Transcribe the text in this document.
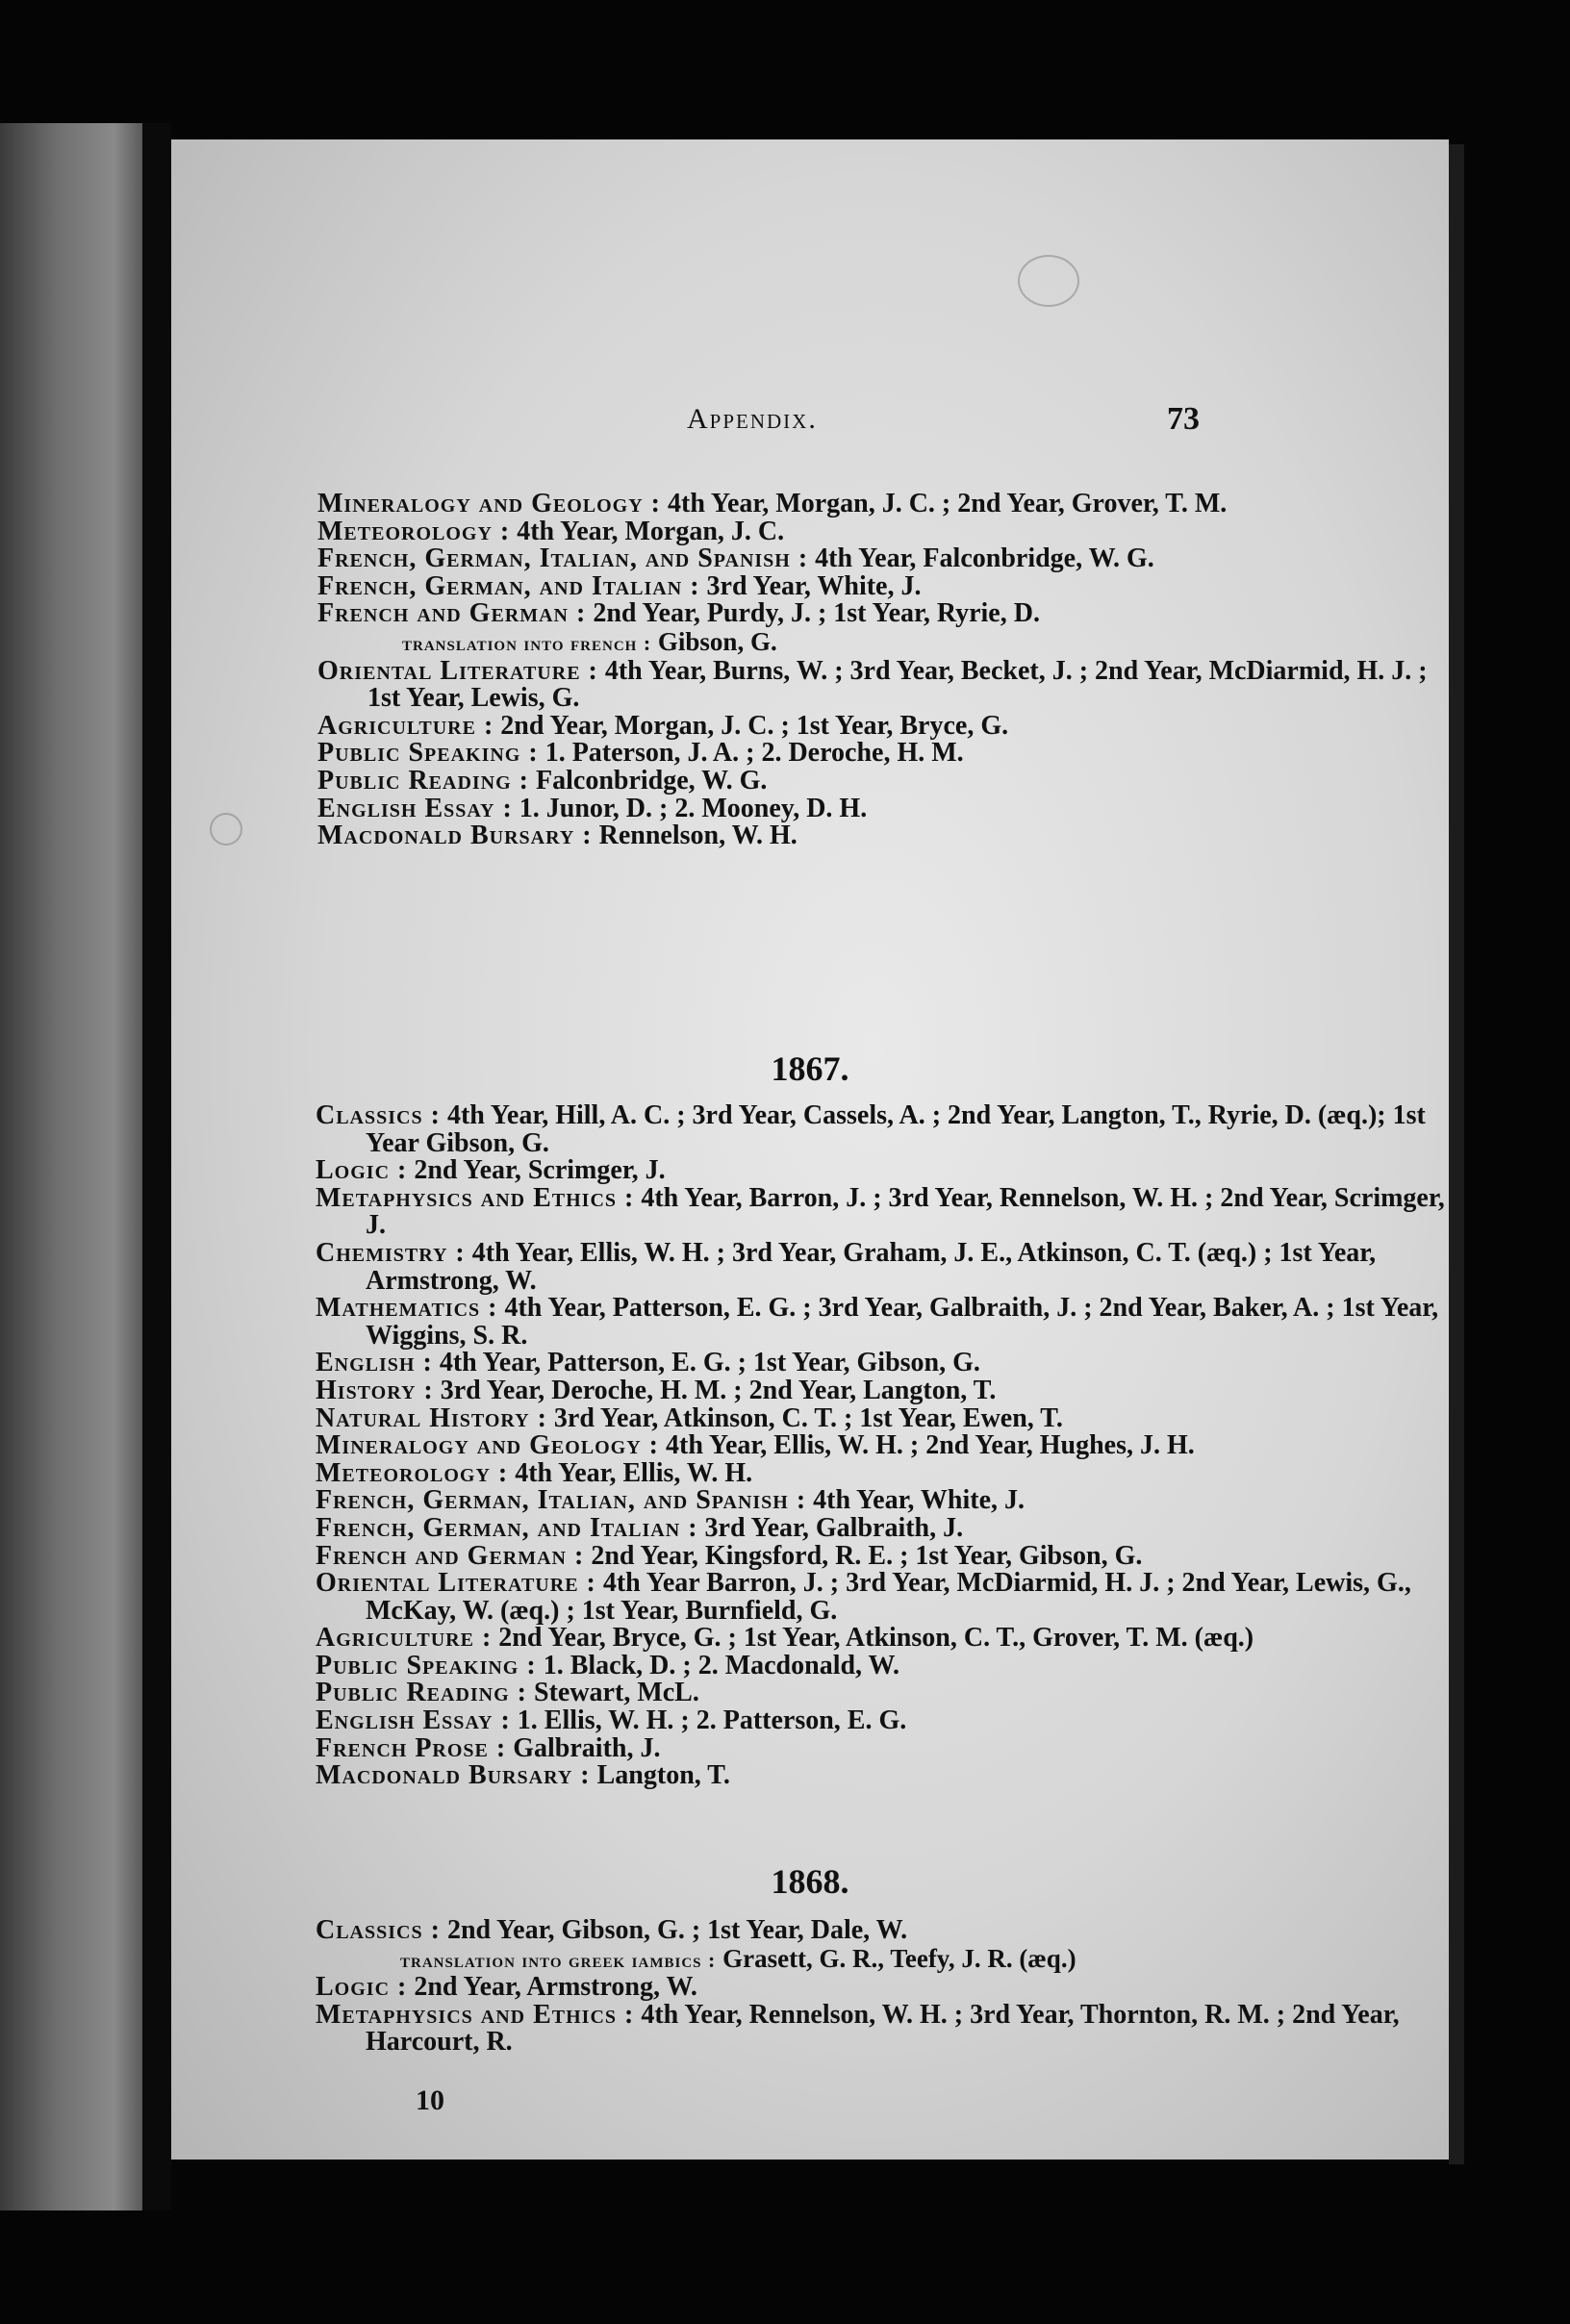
Appendix.	73

Mineralogy and Geology : 4th Year, Morgan, J. C. ; 2nd Year, Grover, T. M.

Meteorology : 4th Year, Morgan, J. C.

French, German, Italian, and Spanish : 4th Year, Falconbridge, W. G.

French, German, and Italian : 3rd Year, White, J.

French and German : 2nd Year, Purdy, J. ; 1st Year, Ryrie, D.

translation into french : Gibson, G.

Oriental Literature : 4th Year, Burns, W. ; 3rd Year, Becket, J. ; 2nd Year, McDiarmid, H. J. ; 1st Year, Lewis, G.

Agriculture : 2nd Year, Morgan, J. C. ; 1st Year, Bryce, G.

Public Speaking : 1. Paterson, J. A. ; 2. Deroche, H. M.

Public Reading : Falconbridge, W. G.

English Essay : 1. Junor, D. ; 2. Mooney, D. H.

Macdonald Bursary : Rennelson, W. H.

1867.

Classics : 4th Year, Hill, A. C. ; 3rd Year, Cassels, A. ; 2nd Year, Langton, T., Ryrie, D. (æq.); 1st Year Gibson, G.

Logic : 2nd Year, Scrimger, J.

Metaphysics and Ethics : 4th Year, Barron, J. ; 3rd Year, Rennelson, W. H. ; 2nd Year, Scrimger, J.

Chemistry : 4th Year, Ellis, W. H. ; 3rd Year, Graham, J. E., Atkinson, C. T. (æq.) ; 1st Year, Armstrong, W.

Mathematics : 4th Year, Patterson, E. G. ; 3rd Year, Galbraith, J. ; 2nd Year, Baker, A. ; 1st Year, Wiggins, S. R.

English : 4th Year, Patterson, E. G. ; 1st Year, Gibson, G.

History : 3rd Year, Deroche, H. M. ; 2nd Year, Langton, T.

Natural History : 3rd Year, Atkinson, C. T. ; 1st Year, Ewen, T.

Mineralogy and Geology : 4th Year, Ellis, W. H. ; 2nd Year, Hughes, J. H.

Meteorology : 4th Year, Ellis, W. H.

French, German, Italian, and Spanish : 4th Year, White, J.

French, German, and Italian : 3rd Year, Galbraith, J.

French and German : 2nd Year, Kingsford, R. E. ; 1st Year, Gibson, G.

Oriental Literature : 4th Year Barron, J. ; 3rd Year, McDiarmid, H. J. ; 2nd Year, Lewis, G., McKay, W. (æq.) ; 1st Year, Burnfield, G.

Agriculture : 2nd Year, Bryce, G. ; 1st Year, Atkinson, C. T., Grover, T. M. (æq.)

Public Speaking : 1. Black, D. ; 2. Macdonald, W.

Public Reading : Stewart, McL.

English Essay : 1. Ellis, W. H. ; 2. Patterson, E. G.

French Prose : Galbraith, J.

Macdonald Bursary : Langton, T.

1868.

Classics : 2nd Year, Gibson, G. ; 1st Year, Dale, W.

translation into greek iambics : Grasett, G. R., Teefy, J. R. (æq.)

Logic : 2nd Year, Armstrong, W.

Metaphysics and Ethics : 4th Year, Rennelson, W. H. ; 3rd Year, Thornton, R. M. ; 2nd Year, Harcourt, R.

10
